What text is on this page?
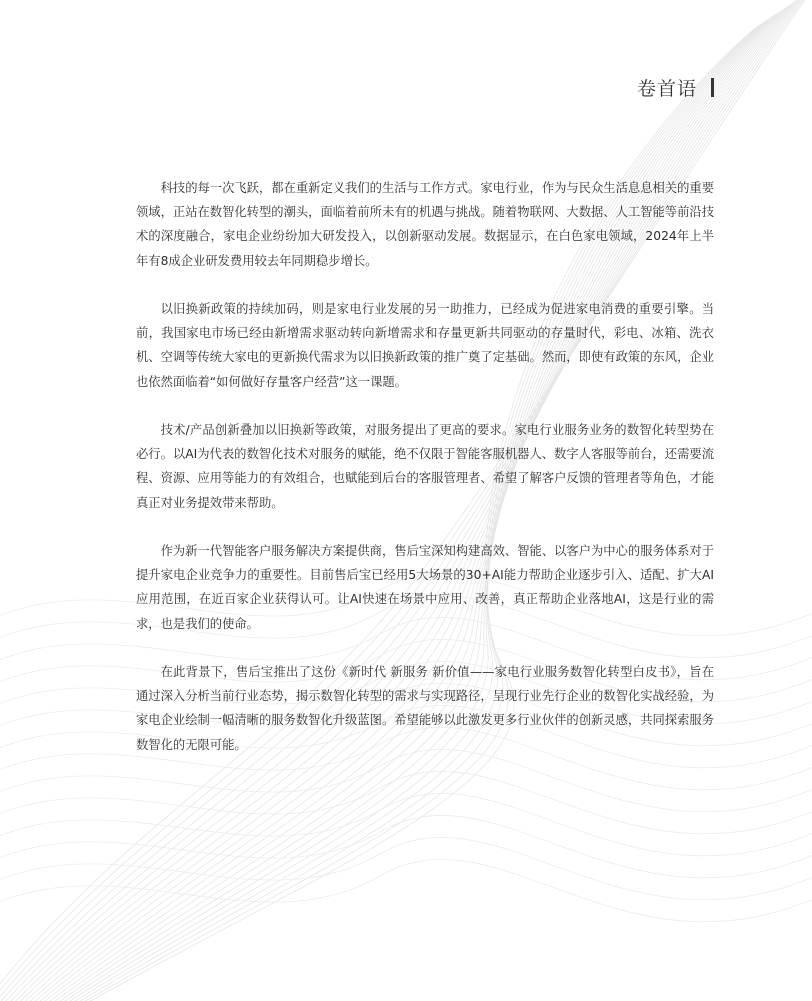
卷首语

科技的每一次飞跃，都在重新定义我们的生活与工作方式。家电行业，作为与民众生活息息相关的重要领域，正站在数智化转型的潮头，面临着前所未有的机遇与挑战。随着物联网、大数据、人工智能等前沿技术的深度融合，家电企业纷纷加大研发投入，以创新驱动发展。数据显示，在白色家电领域，2024年上半年有8成企业研发费用较去年同期稳步增长。

以旧换新政策的持续加码，则是家电行业发展的另一助推力，已经成为促进家电消费的重要引擎。当前，我国家电市场已经由新增需求驱动转向新增需求和存量更新共同驱动的存量时代，彩电、冰箱、洗衣机、空调等传统大家电的更新换代需求为以旧换新政策的推广奠了定基础。然而，即使有政策的东风，企业也依然面临着“如何做好存量客户经营”这一课题。

技术/产品创新叠加以旧换新等政策，对服务提出了更高的要求。家电行业服务业务的数智化转型势在必行。以AI为代表的数智化技术对服务的赋能，绝不仅限于智能客服机器人、数字人客服等前台，还需要流程、资源、应用等能力的有效组合，也赋能到后台的客服管理者、希望了解客户反馈的管理者等角色，才能真正对业务提效带来帮助。

作为新一代智能客户服务解决方案提供商，售后宝深知构建高效、智能、以客户为中心的服务体系对于提升家电企业竞争力的重要性。目前售后宝已经用5大场景的30+AI能力帮助企业逐步引入、适配、扩大AI应用范围，在近百家企业获得认可。让AI快速在场景中应用、改善，真正帮助企业落地AI，这是行业的需求，也是我们的使命。

在此背景下，售后宝推出了这份《新时代 新服务 新价值——家电行业服务数智化转型白皮书》，旨在通过深入分析当前行业态势，揭示数智化转型的需求与实现路径，呈现行业先行企业的数智化实战经验，为家电企业绘制一幅清晰的服务数智化升级蓝图。希望能够以此激发更多行业伙伴的创新灵感，共同探索服务数智化的无限可能。
